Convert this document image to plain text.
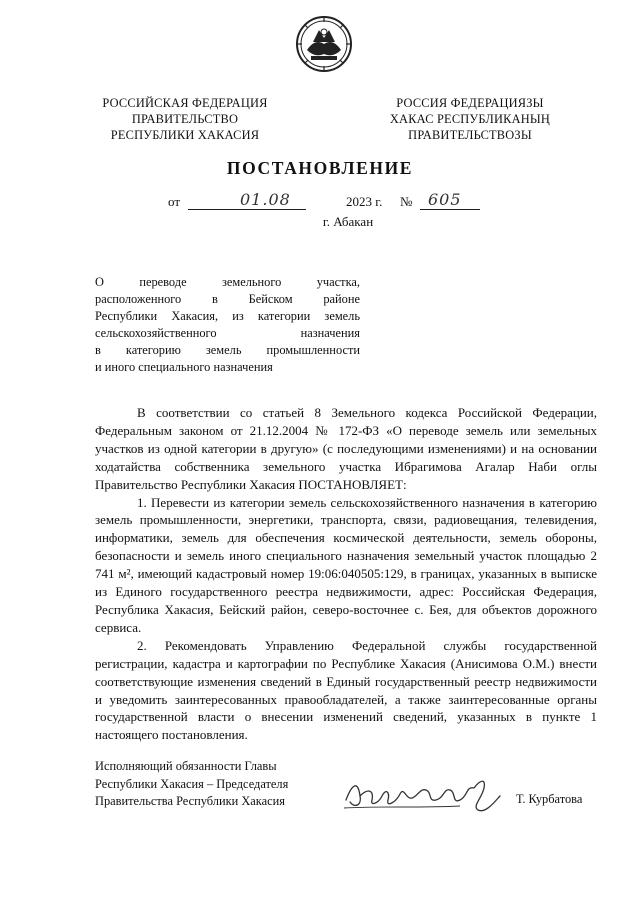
РОССИЙСКАЯ ФЕДЕРАЦИЯ
ПРАВИТЕЛЬСТВО
РЕСПУБЛИКИ ХАКАСИЯ
РОССИЯ ФЕДЕРАЦИЯЗЫ
ХАКАС РЕСПУБЛИКАНЫҢ
ПРАВИТЕЛЬСТВОЗЫ
ПОСТАНОВЛЕНИЕ
от	01.08	2023 г. № 605
г. Абакан
О переводе земельного участка,
расположенного в Бейском районе
Республики Хакасия, из категории земель
сельскохозяйственного назначения
в категорию земель промышленности
и иного специального назначения

В соответствии со статьей 8 Земельного кодекса Российской Федерации, Федеральным законом от 21.12.2004 № 172-ФЗ «О переводе земель или земельных участков из одной категории в другую» (с последующими изменениями) и на основании ходатайства собственника земельного участка Ибрагимова Агалар Наби оглы Правительство Республики Хакасия ПОСТАНОВЛЯЕТ:

1. Перевести из категории земель сельскохозяйственного назначения в категорию земель промышленности, энергетики, транспорта, связи, радиовещания, телевидения, информатики, земель для обеспечения космической деятельности, земель обороны, безопасности и земель иного специального назначения земельный участок площадью 2 741 м², имеющий кадастровый номер 19:06:040505:129, в границах, указанных в выписке из Единого государственного реестра недвижимости, адрес: Российская Федерация, Республика Хакасия, Бейский район, северо-восточнее с. Бея, для объектов дорожного сервиса.

2. Рекомендовать Управлению Федеральной службы государственной регистрации, кадастра и картографии по Республике Хакасия (Анисимова О.М.) внести соответствующие изменения сведений в Единый государственный реестр недвижимости и уведомить заинтересованных правообладателей, а также заинтересованные органы государственной власти о внесении изменений сведений, указанных в пункте 1 настоящего постановления.

Исполняющий обязанности Главы
Республики Хакасия – Председателя
Правительства Республики Хакасия	Т. Курбатова
